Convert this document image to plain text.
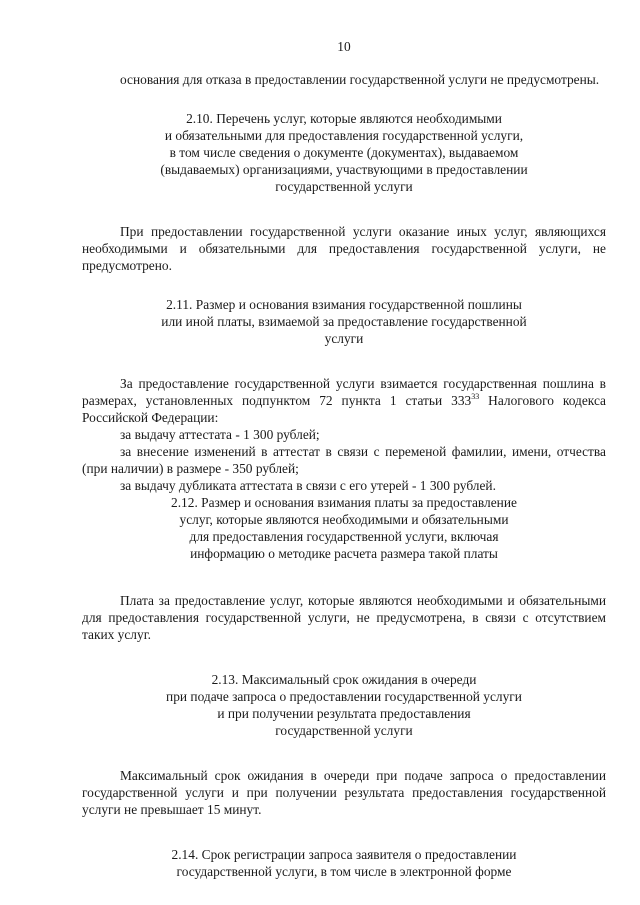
10

основания для отказа в предоставлении государственной услуги не предусмотрены.

2.10. Перечень услуг, которые являются необходимыми
и обязательными для предоставления государственной услуги,
в том числе сведения о документе (документах), выдаваемом
(выдаваемых) организациями, участвующими в предоставлении
государственной услуги

При предоставлении государственной услуги оказание иных услуг, являющихся необходимыми и обязательными для предоставления государственной услуги, не предусмотрено.

2.11. Размер и основания взимания государственной пошлины
или иной платы, взимаемой за предоставление государственной
услуги

За предоставление государственной услуги взимается государственная пошлина в размерах, установленных подпунктом 72 пункта 1 статьи $333^{33}$ Налогового кодекса Российской Федерации:

за выдачу аттестата - 1 300 рублей;

за внесение изменений в аттестат в связи с переменой фамилии, имени, отчества (при наличии) в размере - 350 рублей;

за выдачу дубликата аттестата в связи с его утерей - 1 300 рублей.

2.12. Размер и основания взимания платы за предоставление
услуг, которые являются необходимыми и обязательными
для предоставления государственной услуги, включая
информацию о методике расчета размера такой платы

Плата за предоставление услуг, которые являются необходимыми и обязательными для предоставления государственной услуги, не предусмотрена, в связи с отсутствием таких услуг.

2.13. Максимальный срок ожидания в очереди
при подаче запроса о предоставлении государственной услуги
и при получении результата предоставления
государственной услуги

Максимальный срок ожидания в очереди при подаче запроса о предоставлении государственной услуги и при получении результата предоставления государственной услуги не превышает 15 минут.

2.14. Срок регистрации запроса заявителя о предоставлении
государственной услуги, в том числе в электронной форме
